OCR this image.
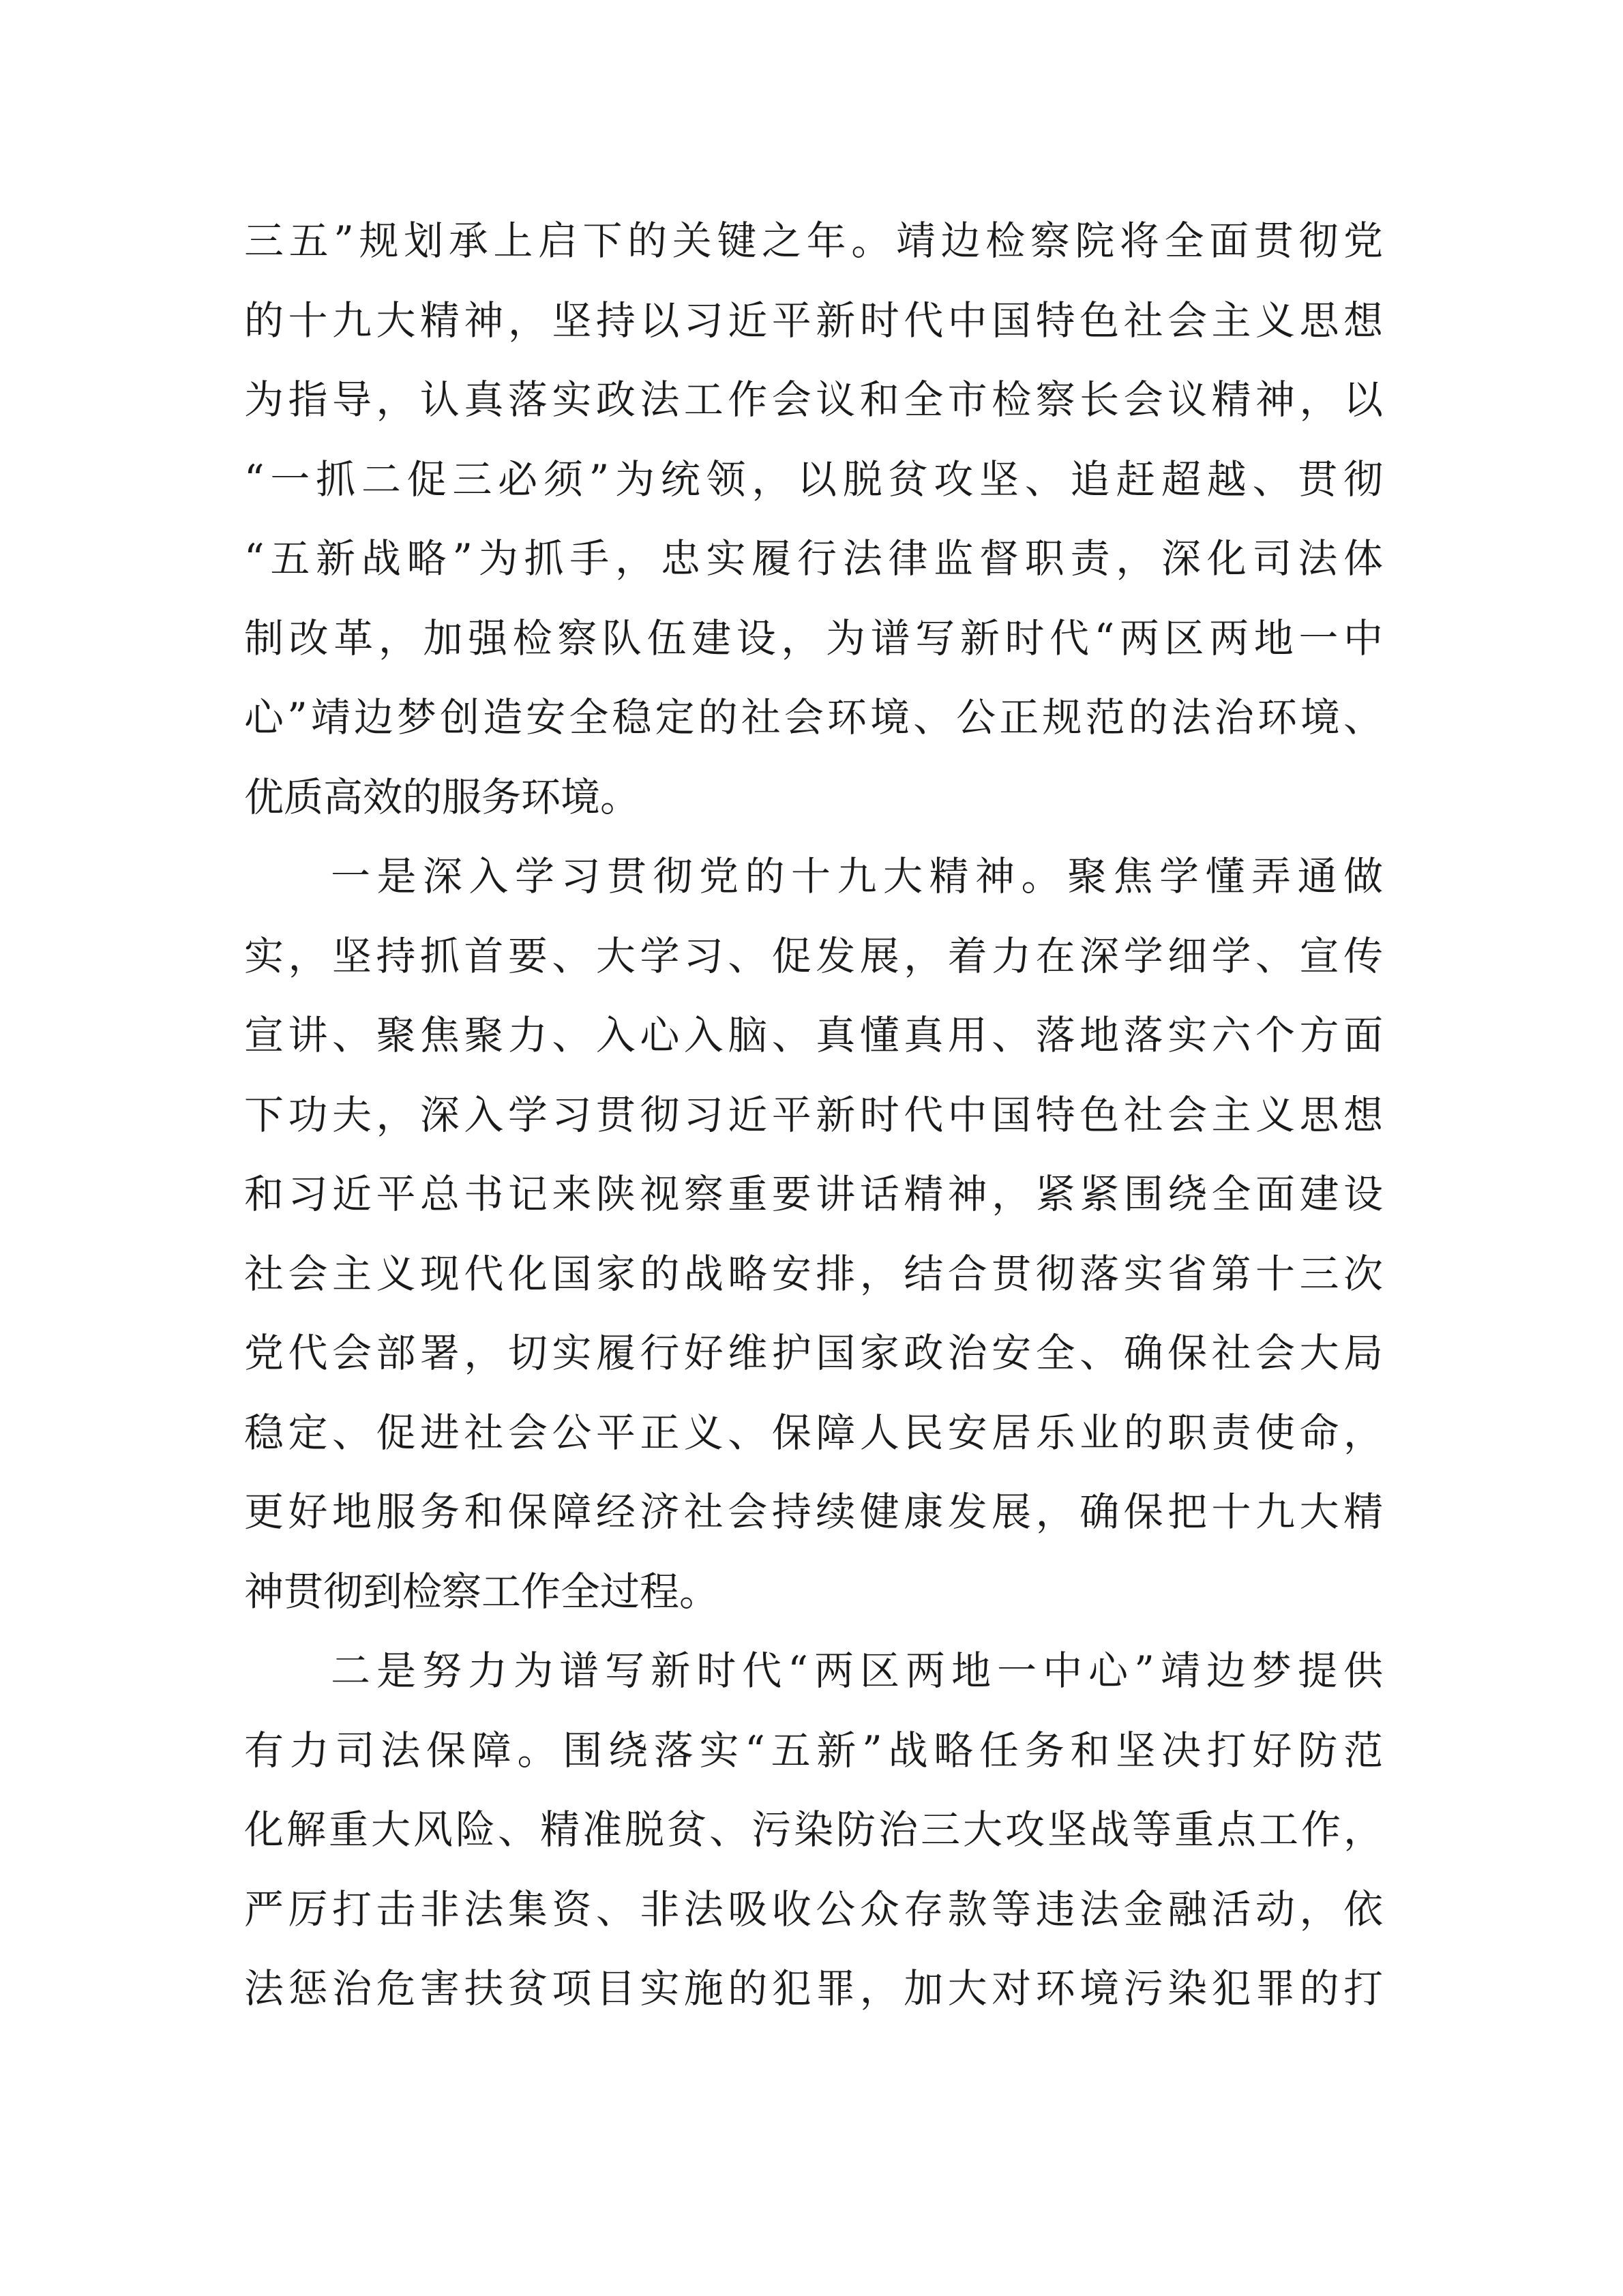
三五”规划承上启下的关键之年。靖边检察院将全面贯彻党
的十九大精神，坚持以习近平新时代中国特色社会主义思想
为指导，认真落实政法工作会议和全市检察长会议精神，以
“一抓二促三必须”为统领，以脱贫攻坚、追赶超越、贯彻
“五新战略”为抓手，忠实履行法律监督职责，深化司法体
制改革，加强检察队伍建设，为谱写新时代“两区两地一中
心”靖边梦创造安全稳定的社会环境、公正规范的法治环境、
优质高效的服务环境。
一是深入学习贯彻党的十九大精神。聚焦学懂弄通做
实，坚持抓首要、大学习、促发展，着力在深学细学、宣传
宣讲、聚焦聚力、入心入脑、真懂真用、落地落实六个方面
下功夫，深入学习贯彻习近平新时代中国特色社会主义思想
和习近平总书记来陕视察重要讲话精神，紧紧围绕全面建设
社会主义现代化国家的战略安排，结合贯彻落实省第十三次
党代会部署，切实履行好维护国家政治安全、确保社会大局
稳定、促进社会公平正义、保障人民安居乐业的职责使命，
更好地服务和保障经济社会持续健康发展，确保把十九大精
神贯彻到检察工作全过程。
二是努力为谱写新时代“两区两地一中心”靖边梦提供
有力司法保障。围绕落实“五新”战略任务和坚决打好防范
化解重大风险、精准脱贫、污染防治三大攻坚战等重点工作，
严厉打击非法集资、非法吸收公众存款等违法金融活动，依
法惩治危害扶贫项目实施的犯罪，加大对环境污染犯罪的打
